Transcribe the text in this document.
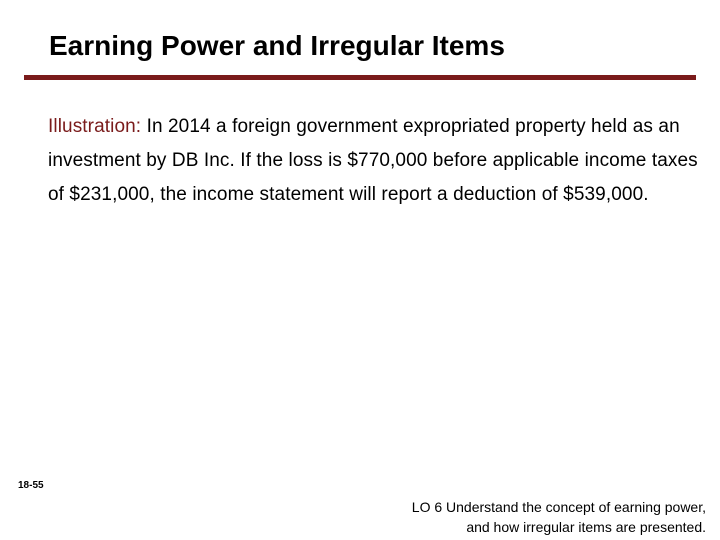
Earning Power and Irregular Items
Illustration: In 2014 a foreign government expropriated property held as an investment by DB Inc. If the loss is $770,000 before applicable income taxes of $231,000, the income statement will report a deduction of $539,000.
18-55
LO 6 Understand the concept of earning power,
and how irregular items are presented.
